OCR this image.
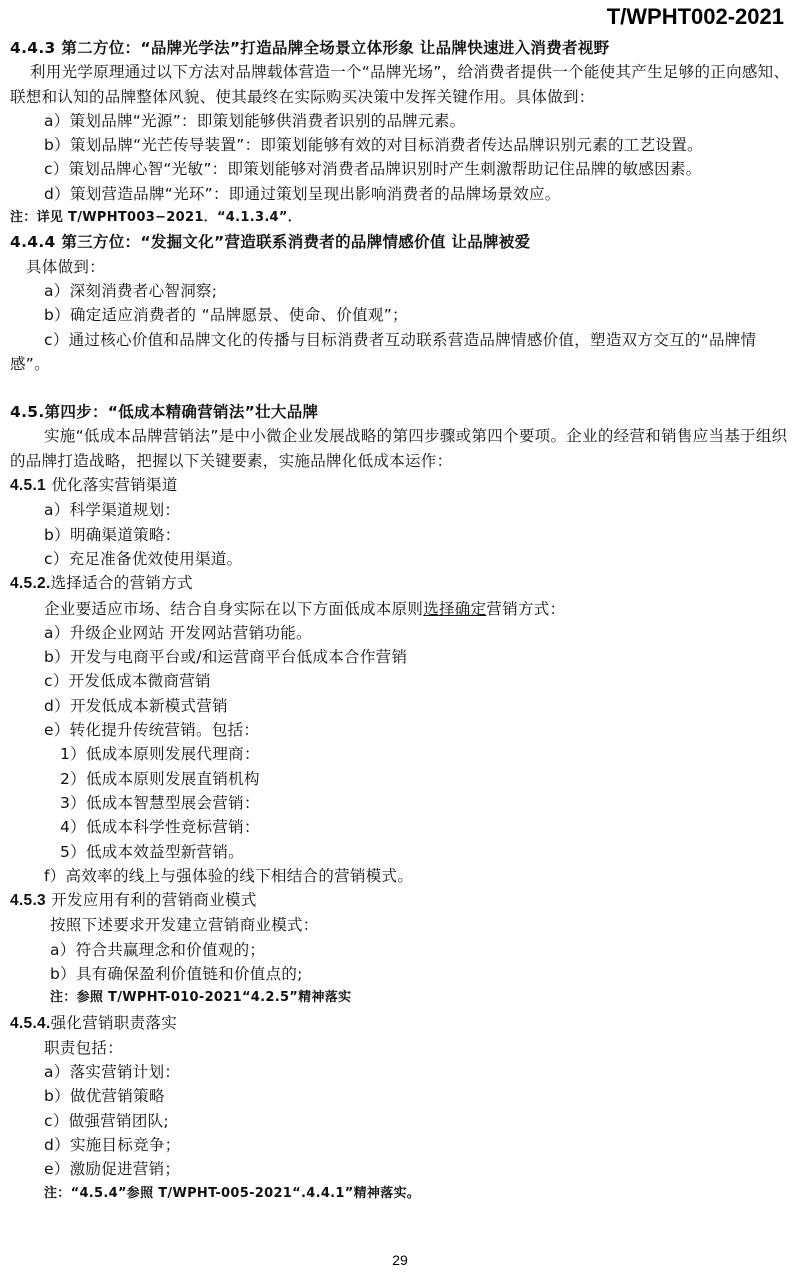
T/WPHT002-2021
4.4.3 第二方位：“品牌光学法”打造品牌全场景立体形象 让品牌快速进入消费者视野
利用光学原理通过以下方法对品牌载体营造一个“品牌光场”，给消费者提供一个能使其产生足够的正向感知、联想和认知的品牌整体风貌、使其最终在实际购买决策中发挥关键作用。具体做到：
a）策划品牌“光源”：即策划能够供消费者识别的品牌元素。
b）策划品牌“光芒传导装置”：即策划能够有效的对目标消费者传达品牌识别元素的工艺设置。
c）策划品牌心智“光敏”：即策划能够对消费者品牌识别时产生刺激帮助记住品牌的敏感因素。
d）策划营造品牌“光环”：即通过策划呈现出影响消费者的品牌场景效应。
注：详见 T/WPHT003−2021．“4.1.3.4”．
4.4.4 第三方位：“发掘文化”营造联系消费者的品牌情感价值 让品牌被爱
具体做到：
a）深刻消费者心智洞察;
b）确定适应消费者的 “品牌愿景、使命、价值观”；
c）通过核心价值和品牌文化的传播与目标消费者互动联系营造品牌情感价值，塑造双方交互的“品牌情感”。
4.5.第四步：“低成本精确营销法”壮大品牌
实施“低成本品牌营销法”是中小微企业发展战略的第四步骤或第四个要项。企业的经营和销售应当基于组织的品牌打造战略，把握以下关键要素，实施品牌化低成本运作：
4.5.1 优化落实营销渠道
a）科学渠道规划：
b）明确渠道策略：
c）充足准备优效使用渠道。
4.5.2.选择适合的营销方式
企业要适应市场、结合自身实际在以下方面低成本原则选择确定营销方式：
a）升级企业网站 开发网站营销功能。
b）开发与电商平台或/和运营商平台低成本合作营销
c）开发低成本微商营销
d）开发低成本新模式营销
e）转化提升传统营销。包括：
1）低成本原则发展代理商：
2）低成本原则发展直销机构
3）低成本智慧型展会营销：
4）低成本科学性竞标营销：
5）低成本效益型新营销。
f）高效率的线上与强体验的线下相结合的营销模式。
4.5.3 开发应用有利的营销商业模式
按照下述要求开发建立营销商业模式：
a）符合共赢理念和价值观的；
b）具有确保盈利价值链和价值点的;
注：参照 T/WPHT-010-2021“4.2.5”精神落实
4.5.4.强化营销职责落实
职责包括：
a）落实营销计划：
b）做优营销策略
c）做强营销团队;
d）实施目标竞争；
e）激励促进营销；
注：“4.5.4”参照 T/WPHT-005-2021“.4.4.1”精神落实。
29
